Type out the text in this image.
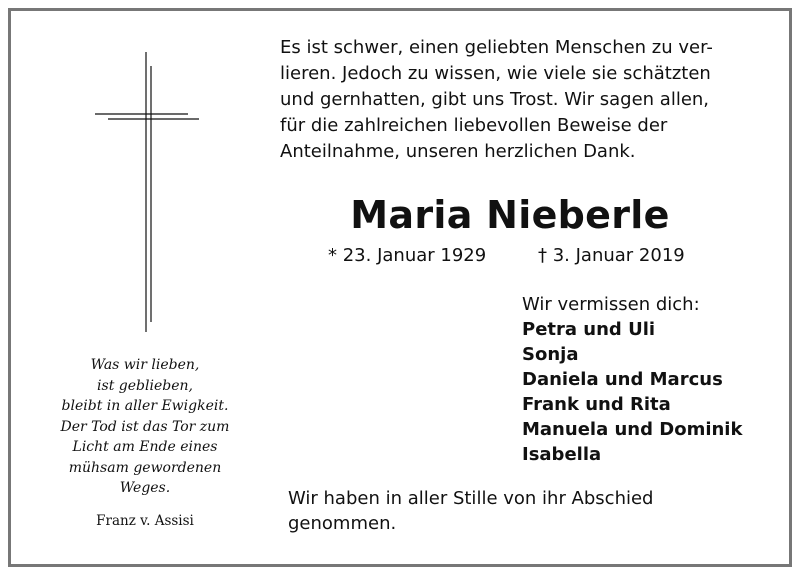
Was wir lieben,
ist geblieben,
bleibt in aller Ewigkeit.
Der Tod ist das Tor zum
Licht am Ende eines
mühsam gewordenen
Weges.

Franz v. Assisi

Es ist schwer, einen geliebten Menschen zu ver-
lieren. Jedoch zu wissen, wie viele sie schätzten
und gernhatten, gibt uns Trost. Wir sagen allen,
für die zahlreichen liebevollen Beweise der
Anteilnahme, unseren herzlichen Dank.

Maria Nieberle
* 23. Januar 1929	† 3. Januar 2019
Wir vermissen dich:
Petra und Uli
Sonja
Daniela und Marcus
Frank und Rita
Manuela und Dominik
Isabella

Wir haben in aller Stille von ihr Abschied
genommen.
